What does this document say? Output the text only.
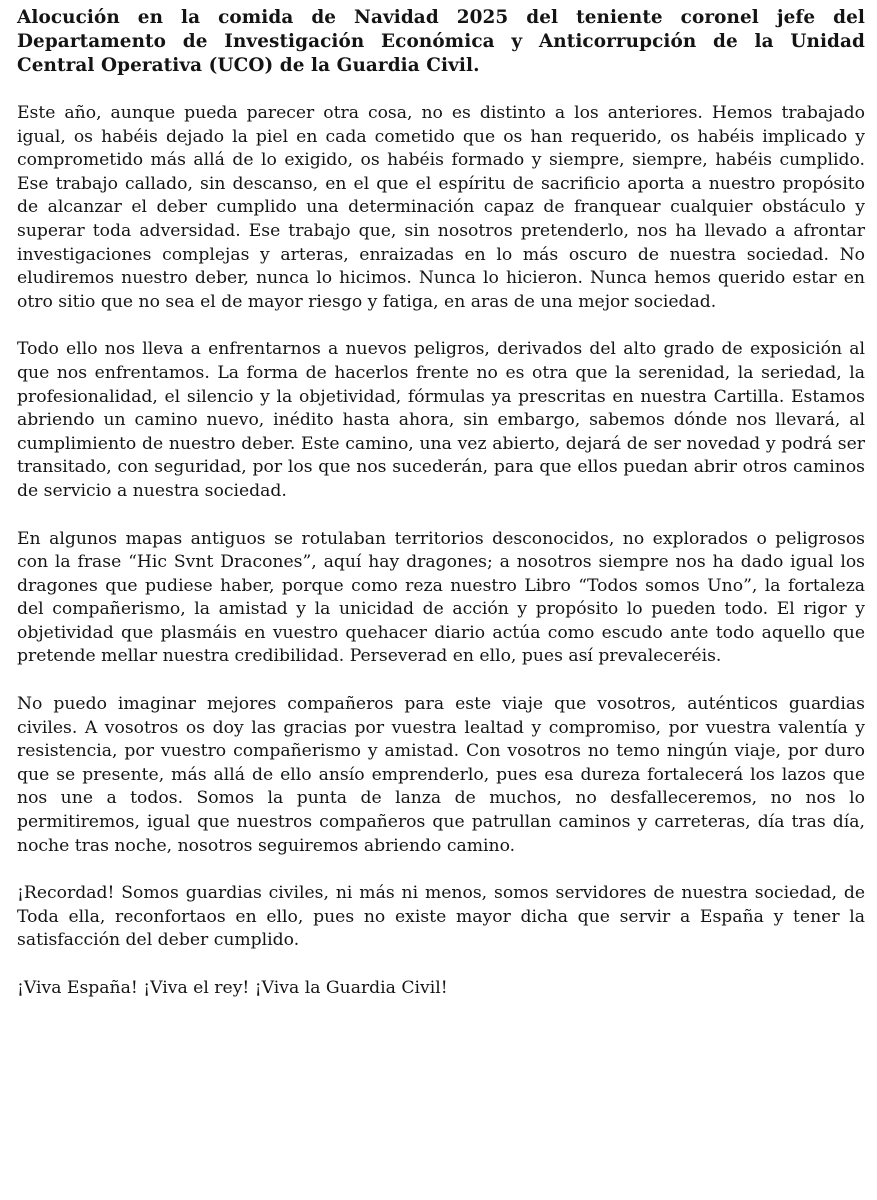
Alocución en la comida de Navidad 2025 del teniente coronel jefe del Departamento de Investigación Económica y Anticorrupción de la Unidad Central Operativa (UCO) de la Guardia Civil.

Este año, aunque pueda parecer otra cosa, no es distinto a los anteriores. Hemos trabajado igual, os habéis dejado la piel en cada cometido que os han requerido, os habéis implicado y comprometido más allá de lo exigido, os habéis formado y siempre, siempre, habéis cumplido. Ese trabajo callado, sin descanso, en el que el espíritu de sacrificio aporta a nuestro propósito de alcanzar el deber cumplido una determinación capaz de franquear cualquier obstáculo y superar toda adversidad. Ese trabajo que, sin nosotros pretenderlo, nos ha llevado a afrontar investigaciones complejas y arteras, enraizadas en lo más oscuro de nuestra sociedad. No eludiremos nuestro deber, nunca lo hicimos. Nunca lo hicieron. Nunca hemos querido estar en otro sitio que no sea el de mayor riesgo y fatiga, en aras de una mejor sociedad.

Todo ello nos lleva a enfrentarnos a nuevos peligros, derivados del alto grado de exposición al que nos enfrentamos. La forma de hacerlos frente no es otra que la serenidad, la seriedad, la profesionalidad, el silencio y la objetividad, fórmulas ya prescritas en nuestra Cartilla. Estamos abriendo un camino nuevo, inédito hasta ahora, sin embargo, sabemos dónde nos llevará, al cumplimiento de nuestro deber. Este camino, una vez abierto, dejará de ser novedad y podrá ser transitado, con seguridad, por los que nos sucederán, para que ellos puedan abrir otros caminos de servicio a nuestra sociedad.

En algunos mapas antiguos se rotulaban territorios desconocidos, no explorados o peligrosos con la frase “Hic Svnt Dracones”, aquí hay dragones; a nosotros siempre nos ha dado igual los dragones que pudiese haber, porque como reza nuestro Libro “Todos somos Uno”, la fortaleza del compañerismo, la amistad y la unicidad de acción y propósito lo pueden todo. El rigor y objetividad que plasmáis en vuestro quehacer diario actúa como escudo ante todo aquello que pretende mellar nuestra credibilidad. Perseverad en ello, pues así prevaleceréis.

No puedo imaginar mejores compañeros para este viaje que vosotros, auténticos guardias civiles. A vosotros os doy las gracias por vuestra lealtad y compromiso, por vuestra valentía y resistencia, por vuestro compañerismo y amistad. Con vosotros no temo ningún viaje, por duro que se presente, más allá de ello ansío emprenderlo, pues esa dureza fortalecerá los lazos que nos une a todos. Somos la punta de lanza de muchos, no desfalleceremos, no nos lo permitiremos, igual que nuestros compañeros que patrullan caminos y carreteras, día tras día, noche tras noche, nosotros seguiremos abriendo camino.

¡Recordad! Somos guardias civiles, ni más ni menos, somos servidores de nuestra sociedad, de Toda ella, reconfortaos en ello, pues no existe mayor dicha que servir a España y tener la satisfacción del deber cumplido.

¡Viva España! ¡Viva el rey! ¡Viva la Guardia Civil!
